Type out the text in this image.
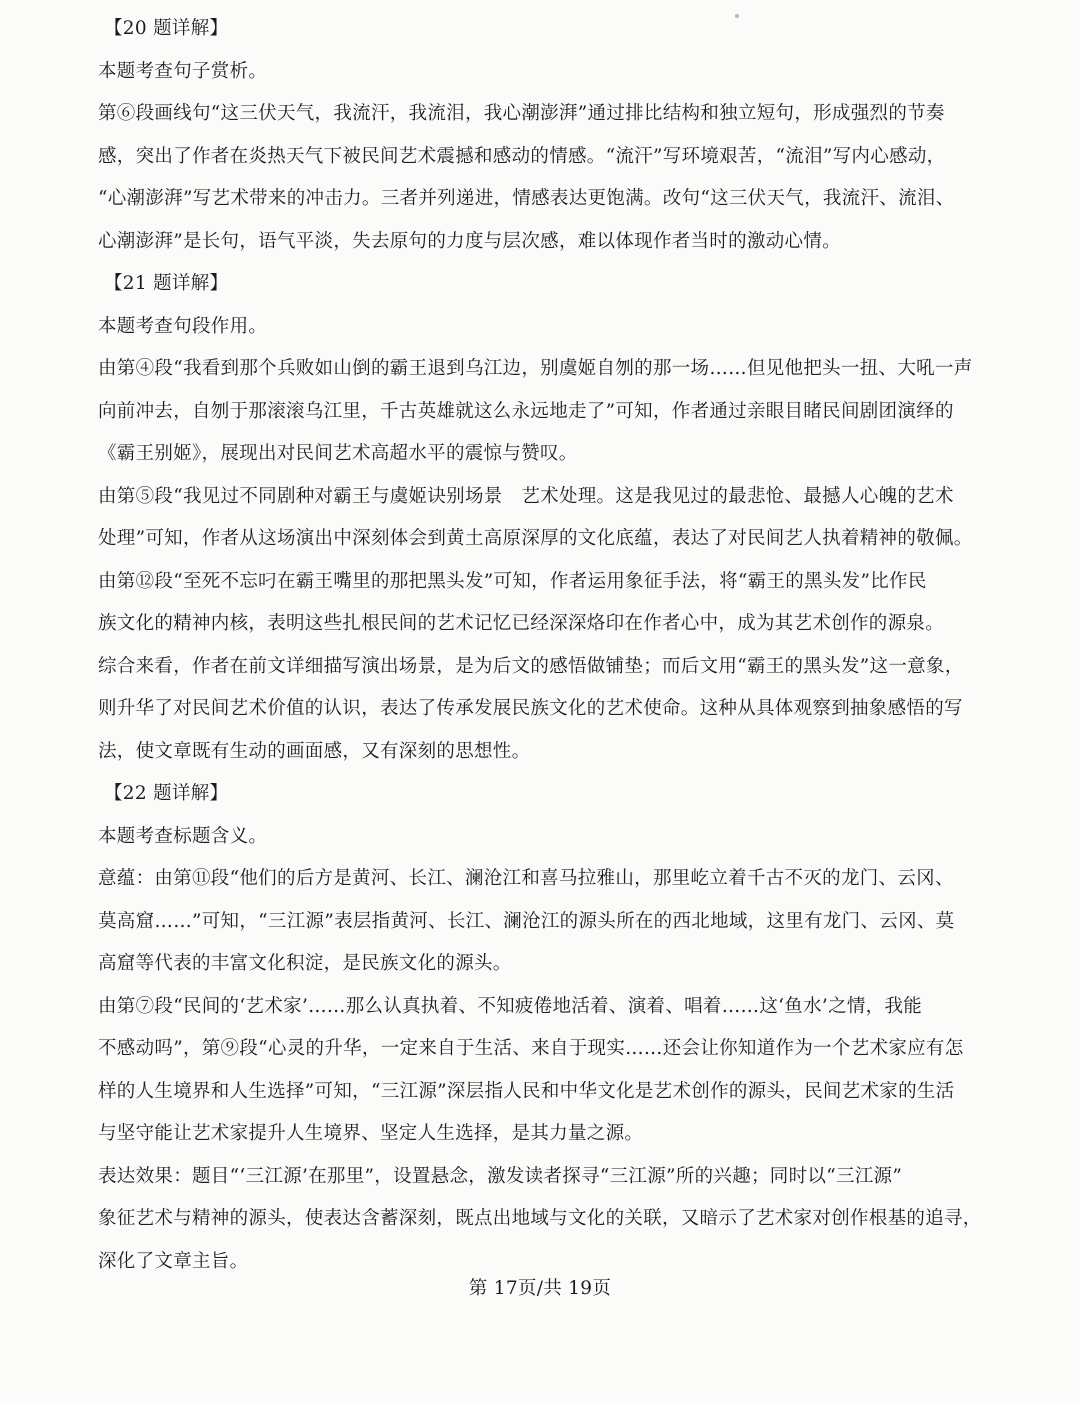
【20 题详解】
本题考查句子赏析。
第⑥段画线句“这三伏天气，我流汗，我流泪，我心潮澎湃”通过排比结构和独立短句，形成强烈的节奏
感，突出了作者在炎热天气下被民间艺术震撼和感动的情感。“流汗”写环境艰苦，“流泪”写内心感动，
“心潮澎湃”写艺术带来的冲击力。三者并列递进，情感表达更饱满。改句“这三伏天气，我流汗、流泪、
心潮澎湃”是长句，语气平淡，失去原句的力度与层次感，难以体现作者当时的激动心情。
【21 题详解】
本题考查句段作用。
由第④段“我看到那个兵败如山倒的霸王退到乌江边，别虞姬自刎的那一场……但见他把头一扭、大吼一声
向前冲去，自刎于那滚滚乌江里，千古英雄就这么永远地走了”可知，作者通过亲眼目睹民间剧团演绎的
《霸王别姬》，展现出对民间艺术高超水平的震惊与赞叹。
由第⑤段“我见过不同剧种对霸王与虞姬诀别场景　艺术处理。这是我见过的最悲怆、最撼人心魄的艺术
处理”可知，作者从这场演出中深刻体会到黄土高原深厚的文化底蕴，表达了对民间艺人执着精神的敬佩。
由第⑫段“至死不忘叼在霸王嘴里的那把黑头发”可知，作者运用象征手法，将“霸王的黑头发”比作民
族文化的精神内核，表明这些扎根民间的艺术记忆已经深深烙印在作者心中，成为其艺术创作的源泉。
综合来看，作者在前文详细描写演出场景，是为后文的感悟做铺垫；而后文用“霸王的黑头发”这一意象，
则升华了对民间艺术价值的认识，表达了传承发展民族文化的艺术使命。这种从具体观察到抽象感悟的写
法，使文章既有生动的画面感，又有深刻的思想性。
【22 题详解】
本题考查标题含义。
意蕴：由第⑪段“他们的后方是黄河、长江、澜沧江和喜马拉雅山，那里屹立着千古不灭的龙门、云冈、
莫高窟……”可知，“三江源”表层指黄河、长江、澜沧江的源头所在的西北地域，这里有龙门、云冈、莫
高窟等代表的丰富文化积淀，是民族文化的源头。
由第⑦段“民间的‘艺术家’……那么认真执着、不知疲倦地活着、演着、唱着……这‘鱼水’之情，我能
不感动吗”，第⑨段“心灵的升华，一定来自于生活、来自于现实……还会让你知道作为一个艺术家应有怎
样的人生境界和人生选择”可知，“三江源”深层指人民和中华文化是艺术创作的源头，民间艺术家的生活
与坚守能让艺术家提升人生境界、坚定人生选择，是其力量之源。
表达效果：题目“‘三江源’在那里”，设置悬念，激发读者探寻“三江源”所的兴趣；同时以“三江源”
象征艺术与精神的源头，使表达含蓄深刻，既点出地域与文化的关联，又暗示了艺术家对创作根基的追寻，
深化了文章主旨。
第 17页/共 19页
